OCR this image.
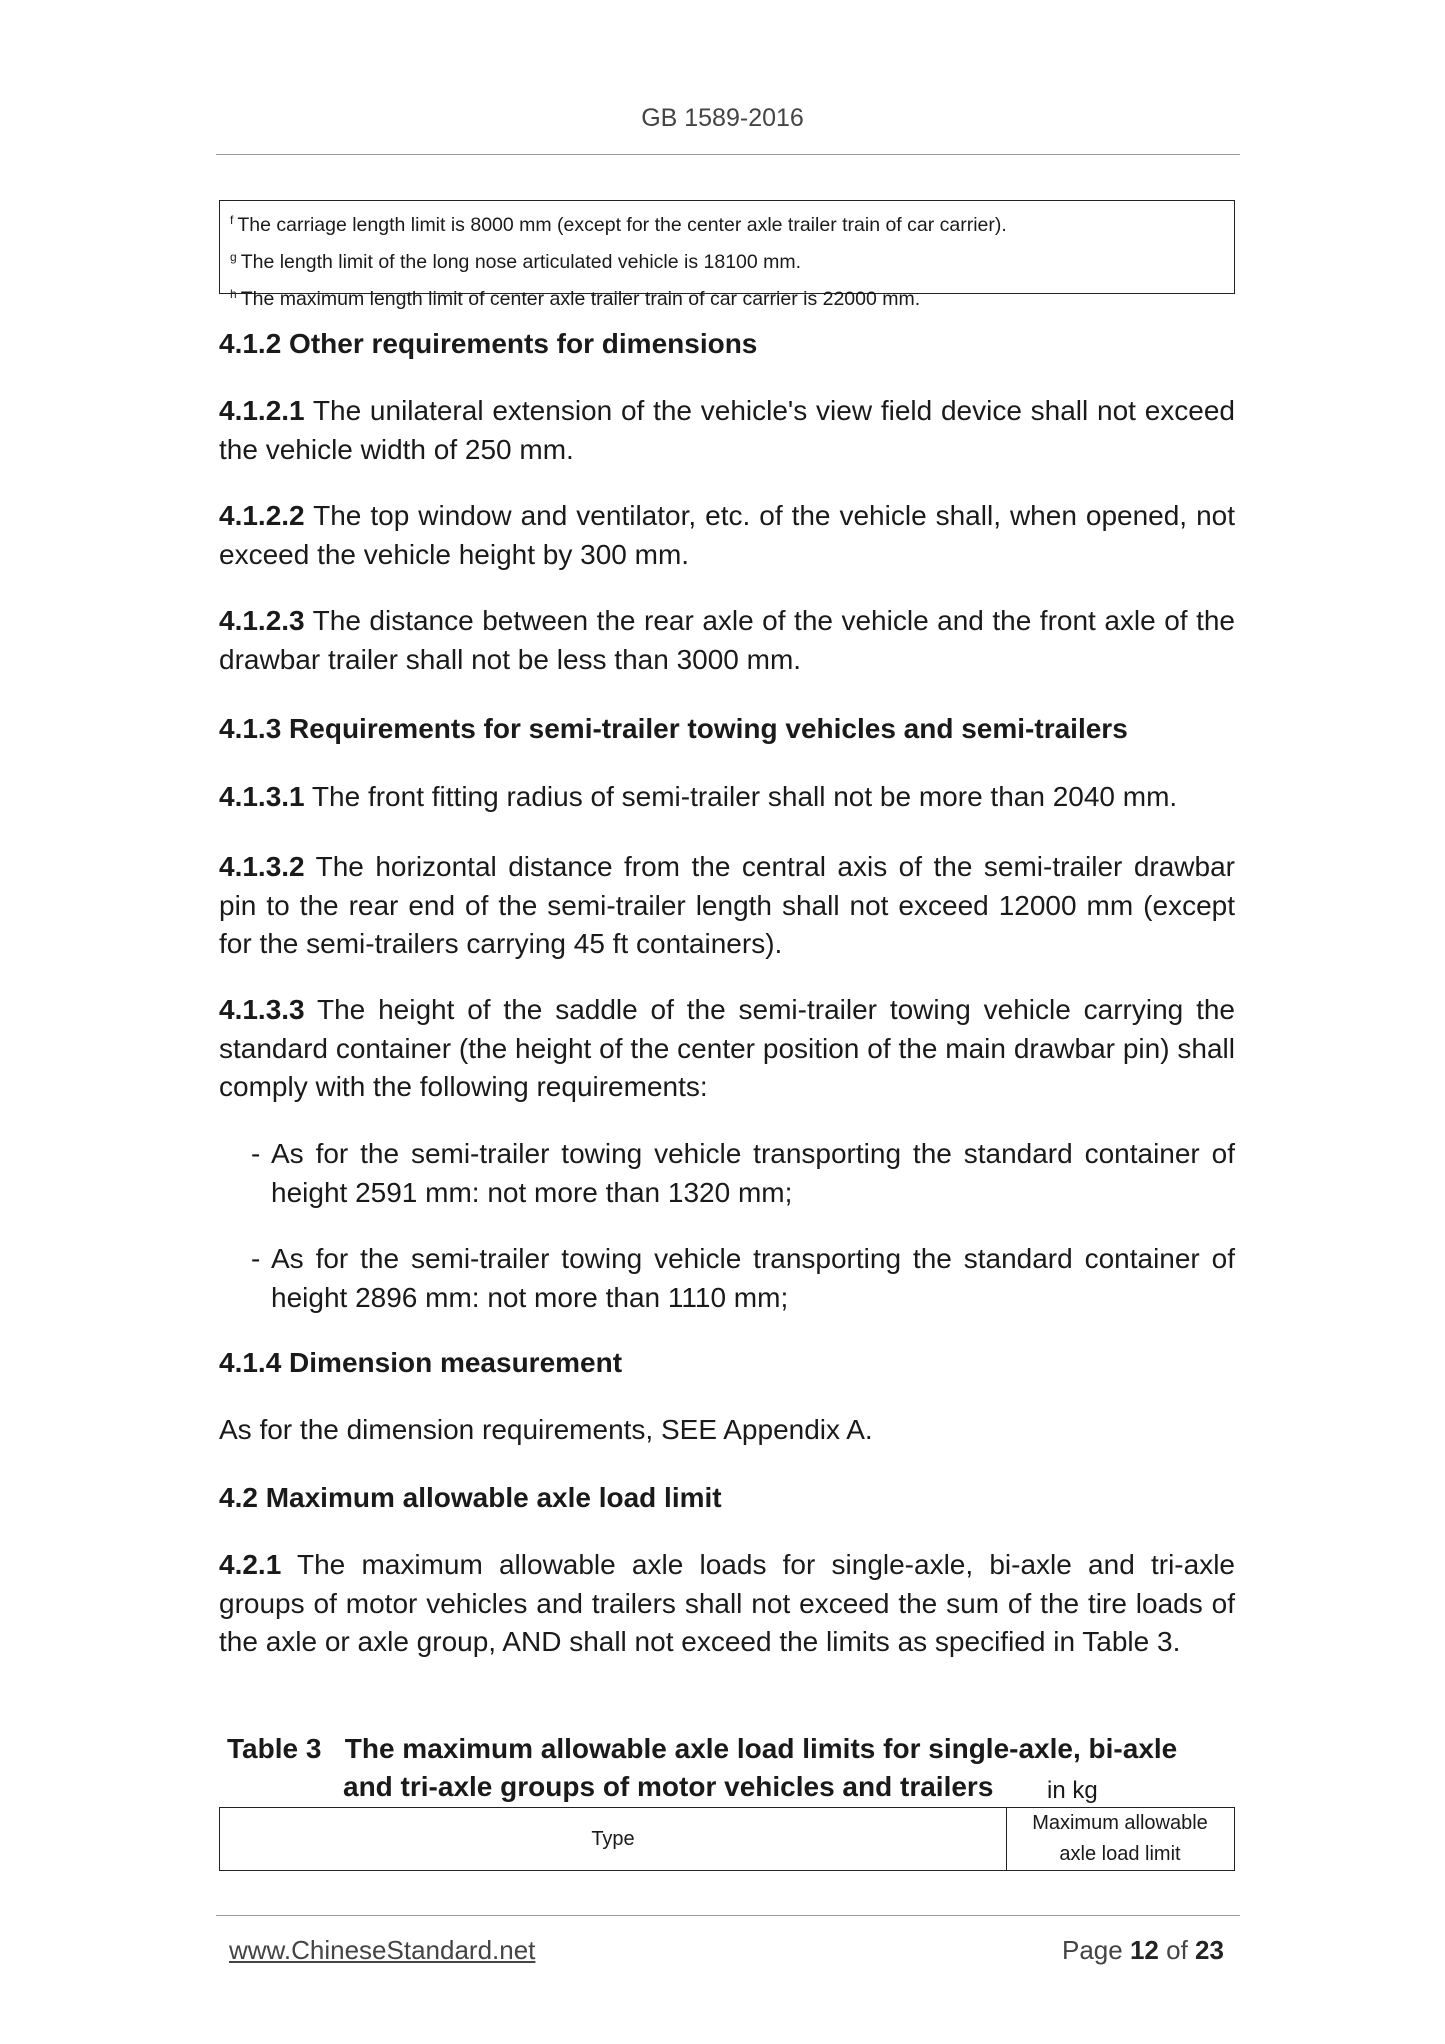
GB 1589-2016
$^f$ The carriage length limit is 8000 mm (except for the center axle trailer train of car carrier).
$^g$ The length limit of the long nose articulated vehicle is 18100 mm.
$^h$ The maximum length limit of center axle trailer train of car carrier is 22000 mm.
4.1.2 Other requirements for dimensions

4.1.2.1 The unilateral extension of the vehicle's view field device shall not exceed the vehicle width of 250 mm.

4.1.2.2 The top window and ventilator, etc. of the vehicle shall, when opened, not exceed the vehicle height by 300 mm.

4.1.2.3 The distance between the rear axle of the vehicle and the front axle of the drawbar trailer shall not be less than 3000 mm.

4.1.3 Requirements for semi-trailer towing vehicles and semi-trailers

4.1.3.1 The front fitting radius of semi-trailer shall not be more than 2040 mm.

4.1.3.2 The horizontal distance from the central axis of the semi-trailer drawbar pin to the rear end of the semi-trailer length shall not exceed 12000 mm (except for the semi-trailers carrying 45 ft containers).

4.1.3.3 The height of the saddle of the semi-trailer towing vehicle carrying the standard container (the height of the center position of the main drawbar pin) shall comply with the following requirements:

- As for the semi-trailer towing vehicle transporting the standard container of height 2591 mm: not more than 1320 mm;
- As for the semi-trailer towing vehicle transporting the standard container of height 2896 mm: not more than 1110 mm;
4.1.4 Dimension measurement

As for the dimension requirements, SEE Appendix A.

4.2 Maximum allowable axle load limit

4.2.1 The maximum allowable axle loads for single-axle, bi-axle and tri-axle groups of motor vehicles and trailers shall not exceed the sum of the tire loads of the axle or axle group, AND shall not exceed the limits as specified in Table 3.

Table 3   The maximum allowable axle load limits for single-axle, bi-axle
and tri-axle groups of motor vehicles and trailers in kg
Type
Maximum allowable
axle load limit
www.ChineseStandard.net	Page 12 of 23
